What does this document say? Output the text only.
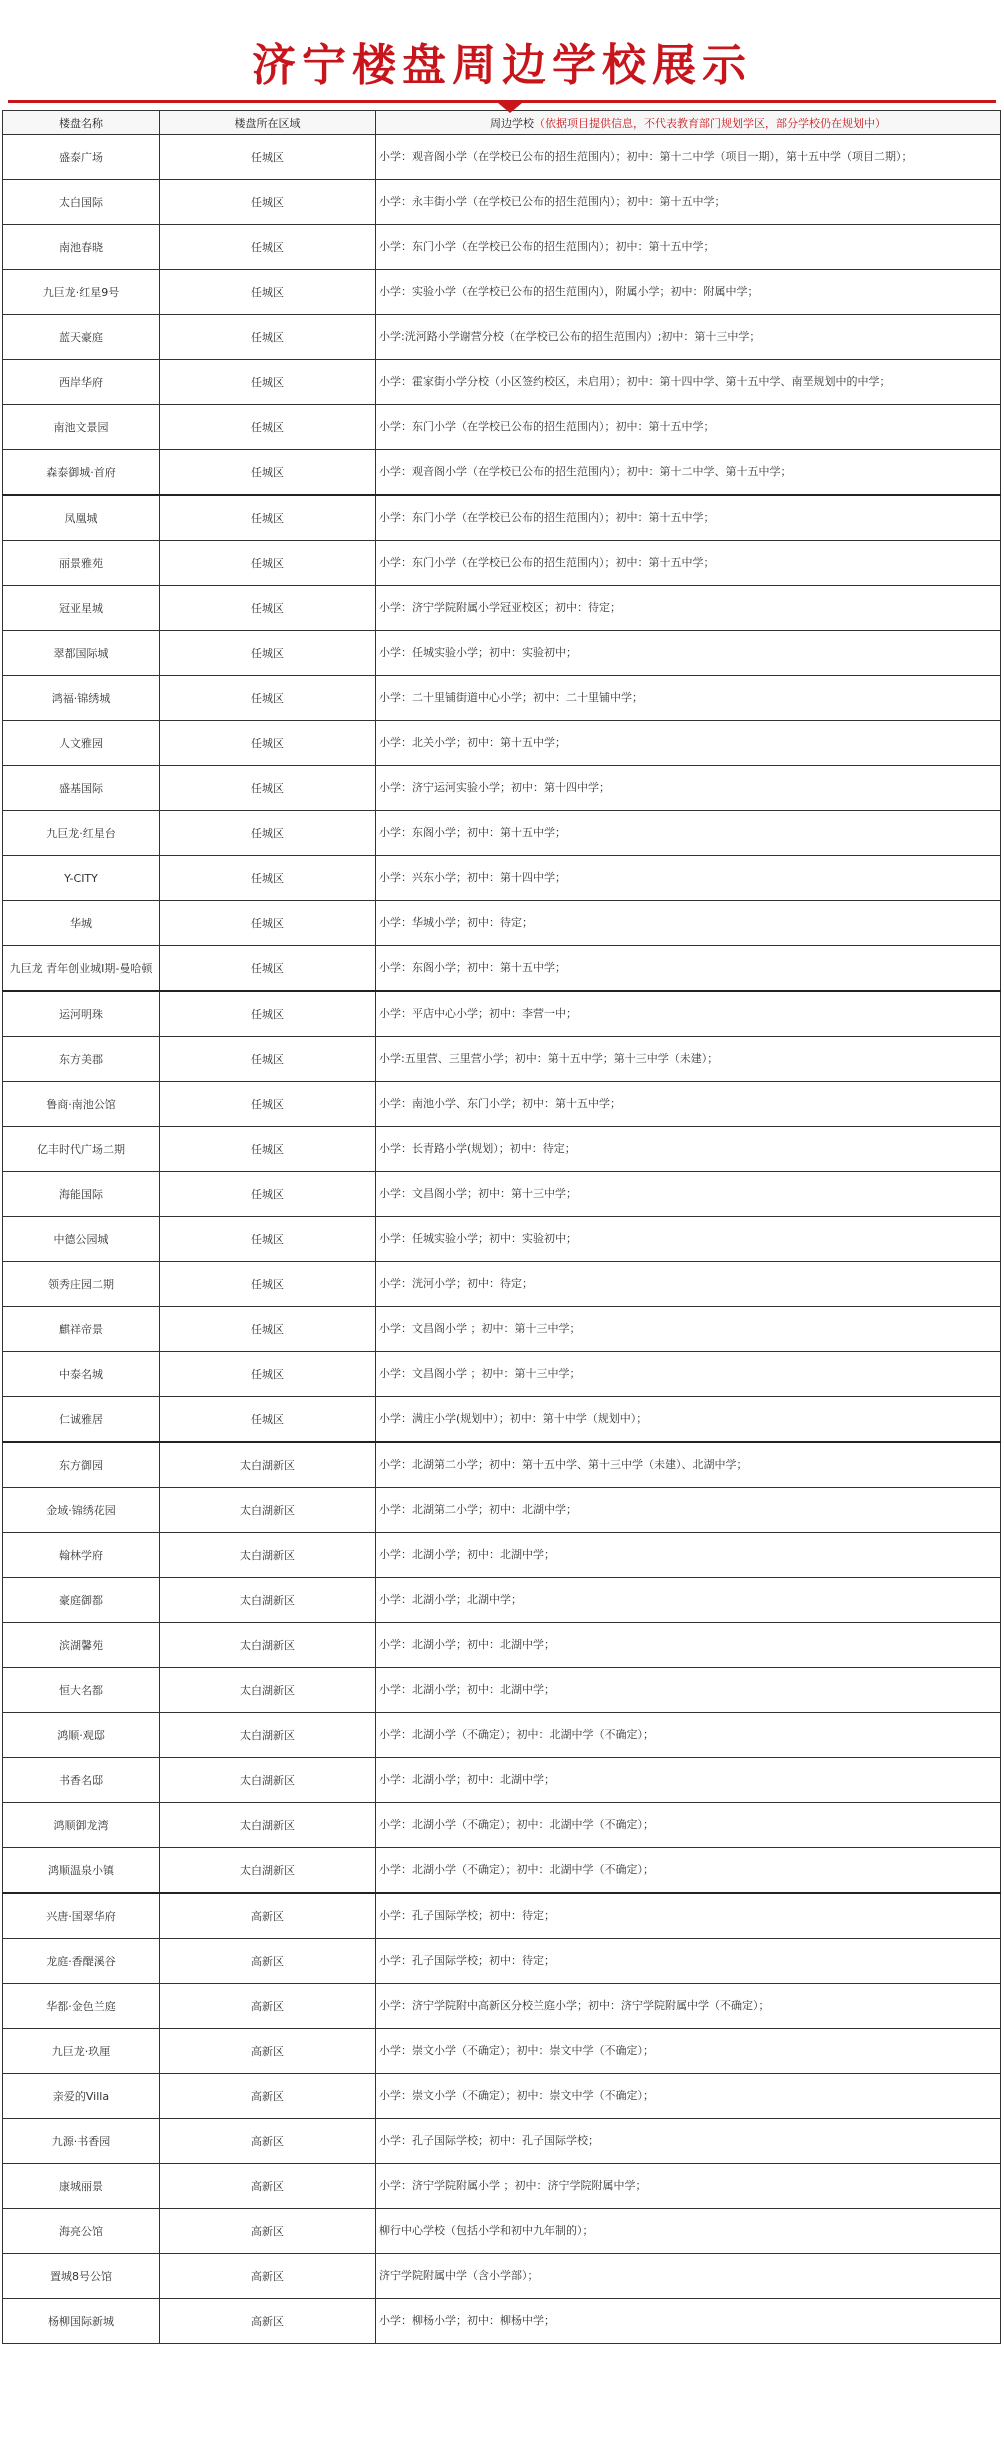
济宁楼盘周边学校展示
楼盘名称	楼盘所在区域	周边学校（依据项目提供信息，不代表教育部门规划学区，部分学校仍在规划中）
盛泰广场	任城区	小学：观音阁小学（在学校已公布的招生范围内）；初中：第十二中学（项目一期），第十五中学（项目二期）；
太白国际	任城区	小学：永丰街小学（在学校已公布的招生范围内）；初中：第十五中学；
南池春晓	任城区	小学：东门小学（在学校已公布的招生范围内）；初中：第十五中学；
九巨龙·红星9号	任城区	小学：实验小学（在学校已公布的招生范围内），附属小学；初中：附属中学；
蓝天豪庭	任城区	小学:洸河路小学谢营分校（在学校已公布的招生范围内）;初中：第十三中学；
西岸华府	任城区	小学：霍家街小学分校（小区签约校区，未启用）；初中：第十四中学、第十五中学、南垩规划中的中学；
南池文景园	任城区	小学：东门小学（在学校已公布的招生范围内）；初中：第十五中学；
森泰御城·首府	任城区	小学：观音阁小学（在学校已公布的招生范围内）；初中：第十二中学、第十五中学；
凤凰城	任城区	小学：东门小学（在学校已公布的招生范围内）；初中：第十五中学；
丽景雅苑	任城区	小学：东门小学（在学校已公布的招生范围内）；初中：第十五中学；
冠亚星城	任城区	小学：济宁学院附属小学冠亚校区；初中：待定；
翠都国际城	任城区	小学：任城实验小学；初中：实验初中；
鸿福·锦绣城	任城区	小学：二十里铺街道中心小学；初中：二十里铺中学；
人文雅园	任城区	小学：北关小学；初中：第十五中学；
盛基国际	任城区	小学：济宁运河实验小学；初中：第十四中学；
九巨龙·红星台	任城区	小学：东阁小学；初中：第十五中学；
Y-CITY	任城区	小学：兴东小学；初中：第十四中学；
华城	任城区	小学：华城小学；初中：待定；
九巨龙 青年创业城I期-曼哈顿	任城区	小学：东阁小学；初中：第十五中学；
运河明珠	任城区	小学：平店中心小学；初中：李营一中；
东方美郡	任城区	小学:五里营、三里营小学；初中：第十五中学；第十三中学（未建）；
鲁商·南池公馆	任城区	小学：南池小学、东门小学；初中：第十五中学；
亿丰时代广场二期	任城区	小学：长青路小学(规划）；初中：待定；
海能国际	任城区	小学：文昌阁小学；初中：第十三中学；
中德公园城	任城区	小学：任城实验小学；初中：实验初中；
领秀庄园二期	任城区	小学：洸河小学；初中：待定；
麒祥帝景	任城区	小学：文昌阁小学 ；初中：第十三中学；
中泰名城	任城区	小学：文昌阁小学 ；初中：第十三中学；
仁诚雅居	任城区	小学：满庄小学(规划中）；初中：第十中学（规划中）；
东方御园	太白湖新区	小学：北湖第二小学；初中：第十五中学、第十三中学（未建）、北湖中学；
金域·锦绣花园	太白湖新区	小学：北湖第二小学；初中：北湖中学；
翰林学府	太白湖新区	小学：北湖小学；初中：北湖中学；
豪庭御都	太白湖新区	小学：北湖小学；北湖中学；
滨湖馨苑	太白湖新区	小学：北湖小学；初中：北湖中学；
恒大名都	太白湖新区	小学：北湖小学；初中：北湖中学；
鸿顺·观邸	太白湖新区	小学：北湖小学（不确定）；初中：北湖中学（不确定）；
书香名邸	太白湖新区	小学：北湖小学；初中：北湖中学；
鸿顺御龙湾	太白湖新区	小学：北湖小学（不确定）；初中：北湖中学（不确定）；
鸿顺温泉小镇	太白湖新区	小学：北湖小学（不确定）；初中：北湖中学（不确定）；
兴唐·国翠华府	高新区	小学：孔子国际学校；初中：待定；
龙庭·香醍溪谷	高新区	小学：孔子国际学校；初中：待定；
华都·金色兰庭	高新区	小学：济宁学院附中高新区分校兰庭小学；初中：济宁学院附属中学（不确定）；
九巨龙·玖厘	高新区	小学：崇文小学（不确定）；初中：崇文中学（不确定）；
亲爱的Villa	高新区	小学：崇文小学（不确定）；初中：崇文中学（不确定）；
九源·书香园	高新区	小学：孔子国际学校；初中：孔子国际学校；
康城丽景	高新区	小学：济宁学院附属小学 ；初中：济宁学院附属中学；
海亮公馆	高新区	柳行中心学校（包括小学和初中九年制的）；
置城8号公馆	高新区	济宁学院附属中学（含小学部）；
杨柳国际新城	高新区	小学：柳杨小学；初中：柳杨中学；
